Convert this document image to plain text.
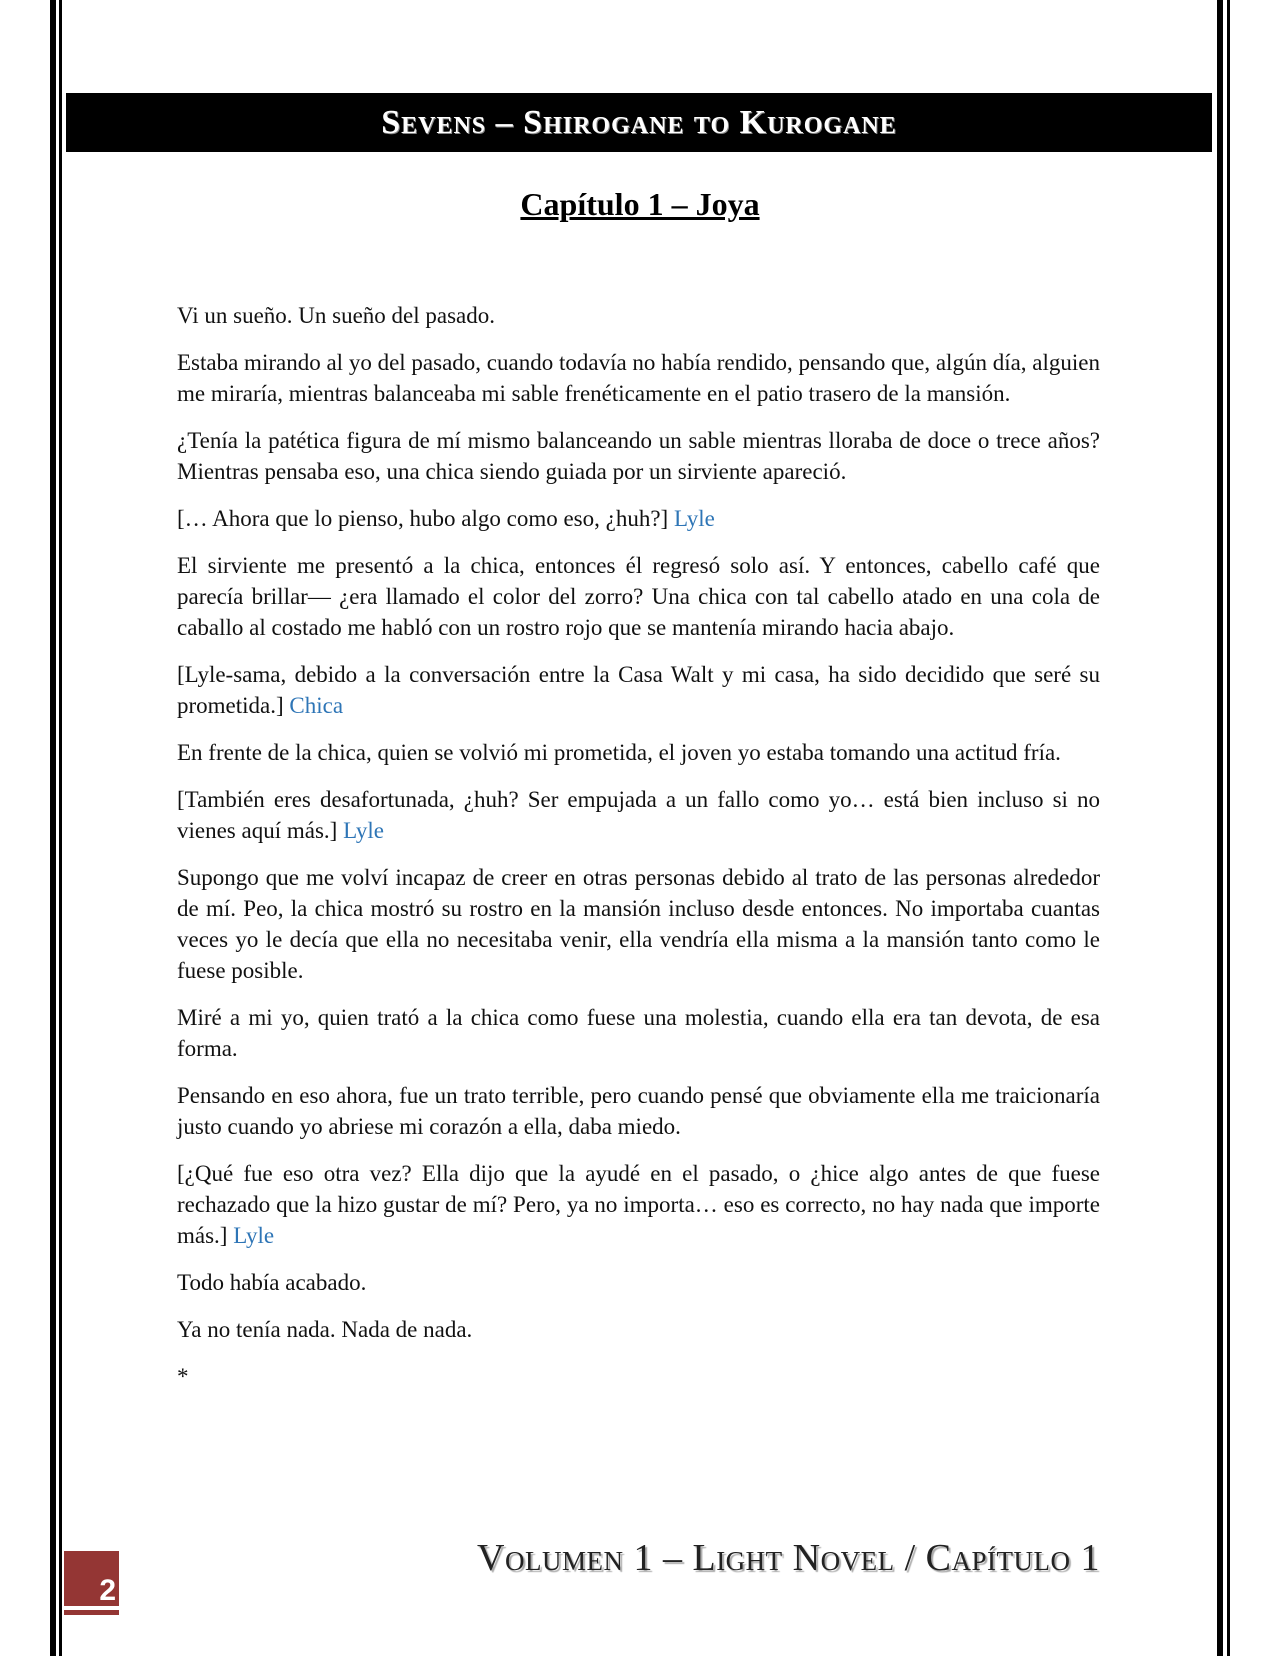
Sevens – Shirogane to Kurogane
Capítulo 1 – Joya

Vi un sueño. Un sueño del pasado.

Estaba mirando al yo del pasado, cuando todavía no había rendido, pensando que, algún día, alguien me miraría, mientras balanceaba mi sable frenéticamente en el patio trasero de la mansión.

¿Tenía la patética figura de mí mismo balanceando un sable mientras lloraba de doce o trece años? Mientras pensaba eso, una chica siendo guiada por un sirviente apareció.

[… Ahora que lo pienso, hubo algo como eso, ¿huh?] Lyle

El sirviente me presentó a la chica, entonces él regresó solo así. Y entonces, cabello café que parecía brillar— ¿era llamado el color del zorro? Una chica con tal cabello atado en una cola de caballo al costado me habló con un rostro rojo que se mantenía mirando hacia abajo.

[Lyle-sama, debido a la conversación entre la Casa Walt y mi casa, ha sido decidido que seré su prometida.] Chica

En frente de la chica, quien se volvió mi prometida, el joven yo estaba tomando una actitud fría.

[También eres desafortunada, ¿huh? Ser empujada a un fallo como yo… está bien incluso si no vienes aquí más.] Lyle

Supongo que me volví incapaz de creer en otras personas debido al trato de las personas alrededor de mí. Peo, la chica mostró su rostro en la mansión incluso desde entonces. No importaba cuantas veces yo le decía que ella no necesitaba venir, ella vendría ella misma a la mansión tanto como le fuese posible.

Miré a mi yo, quien trató a la chica como fuese una molestia, cuando ella era tan devota, de esa forma.

Pensando en eso ahora, fue un trato terrible, pero cuando pensé que obviamente ella me traicionaría justo cuando yo abriese mi corazón a ella, daba miedo.

[¿Qué fue eso otra vez? Ella dijo que la ayudé en el pasado, o ¿hice algo antes de que fuese rechazado que la hizo gustar de mí? Pero, ya no importa… eso es correcto, no hay nada que importe más.] Lyle

Todo había acabado.

Ya no tenía nada. Nada de nada.

*

Volumen 1 – Light Novel / Capítulo 1
2
